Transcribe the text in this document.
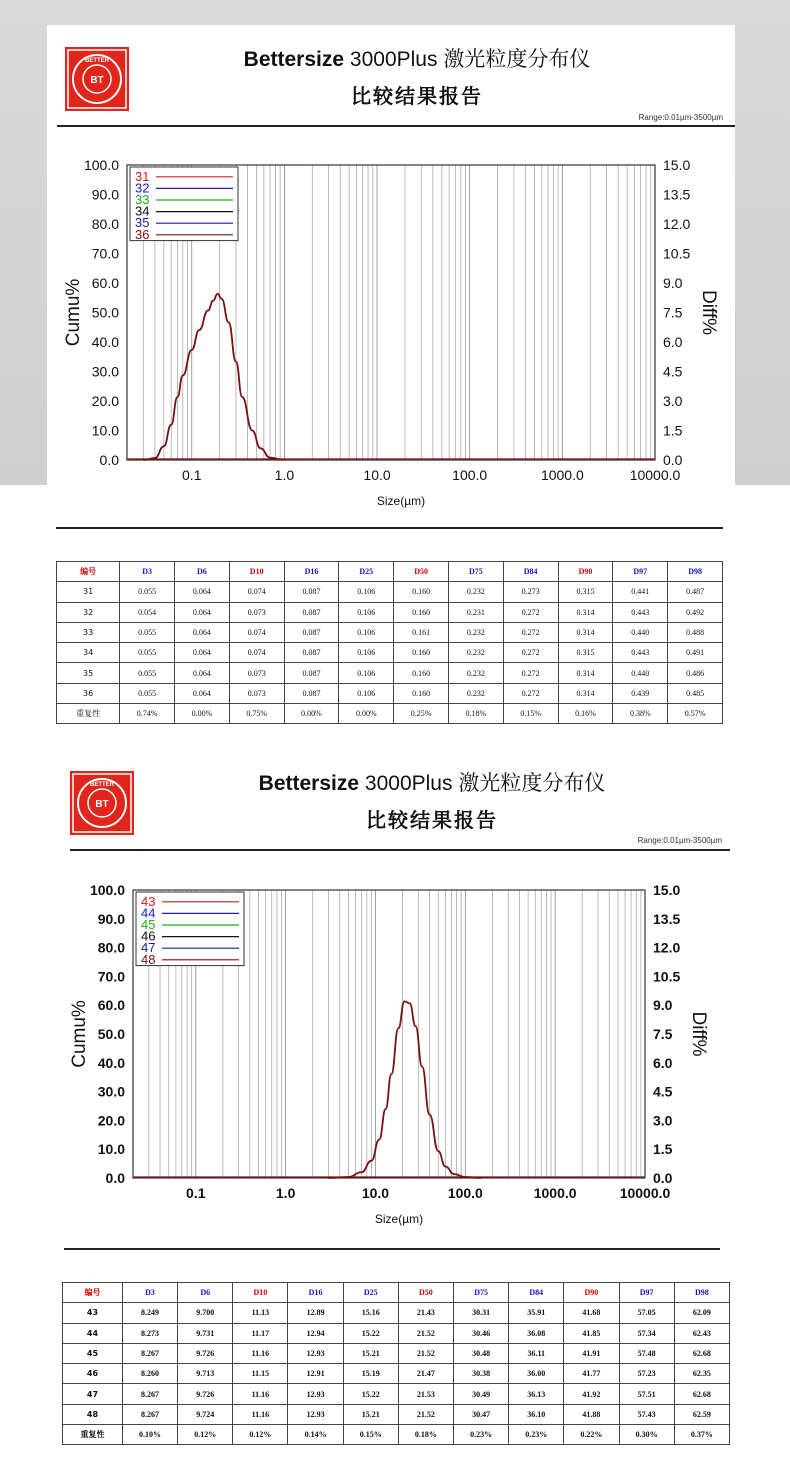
BETTER
BT
Bettersize 3000Plus 激光粒度分布仪
比较结果报告
Range:0.01µm-3500µm
100.0
90.0
80.0
70.0
60.0
50.0
40.0
30.0
20.0
10.0
0.0
15.0
13.5
12.0
10.5
9.0
7.5
6.0
4.5
3.0
1.5
0.0
0.1	1.0	10.0	100.0	1000.0	10000.0
Size(µm)
Cumu%	Diff%
31
32
33
34
35
36
编号	D3	D6	D10	D16	D25	D50	D75	D84	D90	D97	D98
31	0.055	0.064	0.074	0.087	0.106	0.160	0.232	0.273	0.315	0.441	0.487
32	0.054	0.064	0.073	0.087	0.106	0.160	0.231	0.272	0.314	0.443	0.492
33	0.055	0.064	0.074	0.087	0.106	0.161	0.232	0.272	0.314	0.440	0.488
34	0.055	0.064	0.074	0.087	0.106	0.160	0.232	0.272	0.315	0.443	0.491
35	0.055	0.064	0.073	0.087	0.106	0.160	0.232	0.272	0.314	0.440	0.486
36	0.055	0.064	0.073	0.087	0.106	0.160	0.232	0.272	0.314	0.439	0.485
重复性	0.74%	0.00%	0.75%	0.00%	0.00%	0.25%	0.18%	0.15%	0.16%	0.38%	0.57%
BETTER
BT
Bettersize 3000Plus 激光粒度分布仪
比较结果报告
Range:0.01µm-3500µm
100.0
90.0
80.0
70.0
60.0
50.0
40.0
30.0
20.0
10.0
0.0
15.0
13.5
12.0
10.5
9.0
7.5
6.0
4.5
3.0
1.5
0.0
0.1	1.0	10.0	100.0	1000.0	10000.0
Size(µm)
Cumu%	Diff%
43
44
45
46
47
48
编号	D3	D6	D10	D16	D25	D50	D75	D84	D90	D97	D98
43	8.249	9.700	11.13	12.89	15.16	21.43	30.31	35.91	41.68	57.05	62.09
44	8.273	9.731	11.17	12.94	15.22	21.52	30.46	36.08	41.85	57.34	62.43
45	8.267	9.726	11.16	12.93	15.21	21.52	30.48	36.11	41.91	57.48	62.68
46	8.260	9.713	11.15	12.91	15.19	21.47	30.38	36.00	41.77	57.23	62.35
47	8.267	9.726	11.16	12.93	15.22	21.53	30.49	36.13	41.92	57.51	62.68
48	8.267	9.724	11.16	12.93	15.21	21.52	30.47	36.10	41.88	57.43	62.59
重复性	0.10%	0.12%	0.12%	0.14%	0.15%	0.18%	0.23%	0.23%	0.22%	0.30%	0.37%
